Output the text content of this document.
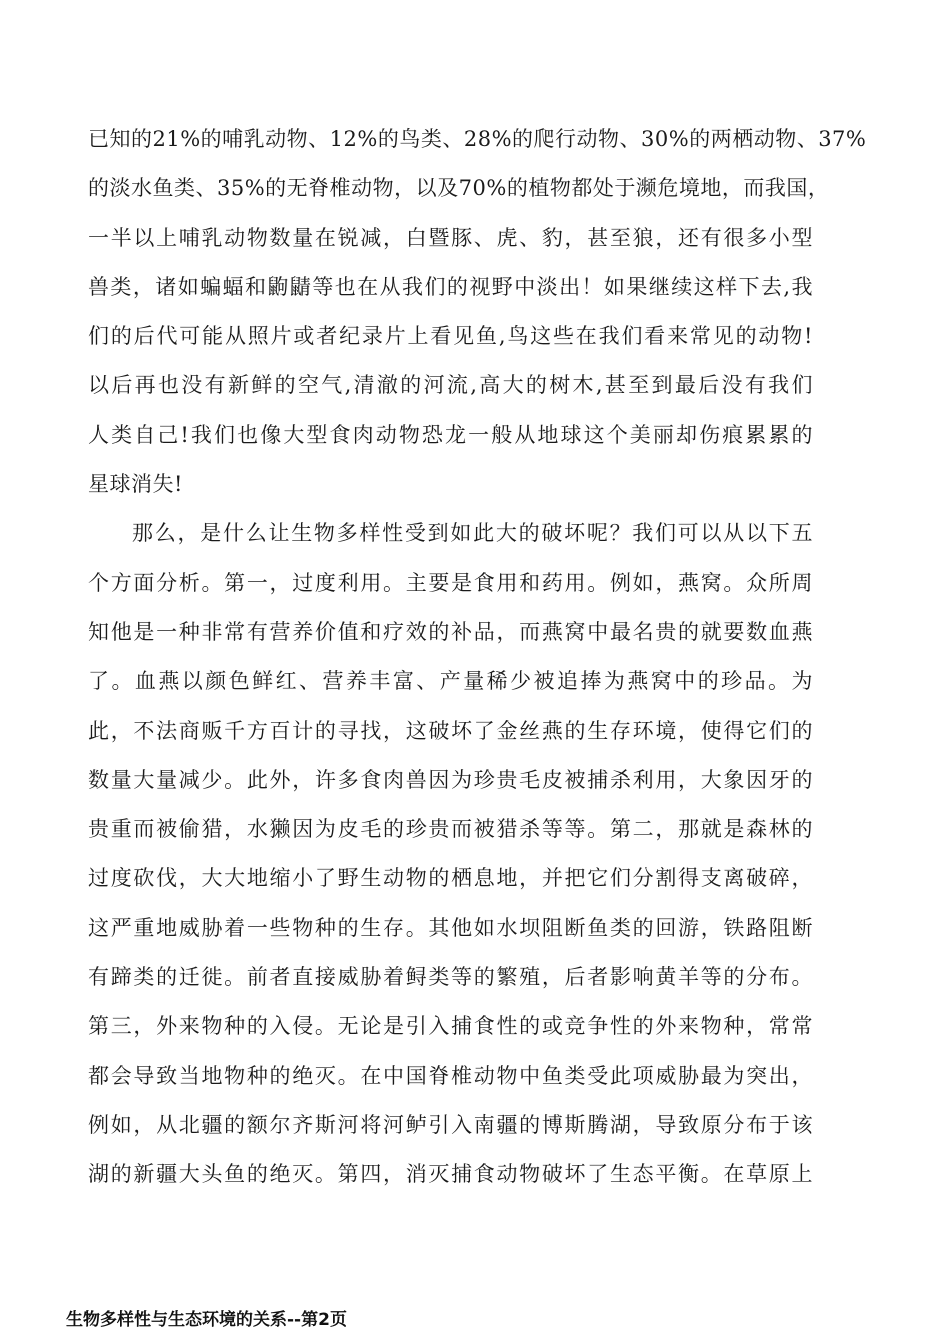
已知的21%的哺乳动物、12%的鸟类、28%的爬行动物、30%的两栖动物、37%
的淡水鱼类、35%的无脊椎动物，以及70%的植物都处于濒危境地，而我国，
一半以上哺乳动物数量在锐减，白暨豚、虎、豹，甚至狼，还有很多小型
兽类，诸如蝙蝠和鼩鼱等也在从我们的视野中淡出！如果继续这样下去,我
们的后代可能从照片或者纪录片上看见鱼,鸟这些在我们看来常见的动物!
以后再也没有新鲜的空气,清澈的河流,高大的树木,甚至到最后没有我们
人类自己!我们也像大型食肉动物恐龙一般从地球这个美丽却伤痕累累的
星球消失!
那么，是什么让生物多样性受到如此大的破坏呢？我们可以从以下五
个方面分析。第一，过度利用。主要是食用和药用。例如，燕窝。众所周
知他是一种非常有营养价值和疗效的补品，而燕窝中最名贵的就要数血燕
了。血燕以颜色鲜红、营养丰富、产量稀少被追捧为燕窝中的珍品。为
此，不法商贩千方百计的寻找，这破坏了金丝燕的生存环境，使得它们的
数量大量减少。此外，许多食肉兽因为珍贵毛皮被捕杀利用，大象因牙的
贵重而被偷猎，水獭因为皮毛的珍贵而被猎杀等等。第二，那就是森林的
过度砍伐，大大地缩小了野生动物的栖息地，并把它们分割得支离破碎，
这严重地威胁着一些物种的生存。其他如水坝阻断鱼类的回游，铁路阻断
有蹄类的迁徙。前者直接威胁着鲟类等的繁殖，后者影响黄羊等的分布。
第三，外来物种的入侵。无论是引入捕食性的或竞争性的外来物种，常常
都会导致当地物种的绝灭。在中国脊椎动物中鱼类受此项威胁最为突出，
例如，从北疆的额尔齐斯河将河鲈引入南疆的博斯腾湖，导致原分布于该
湖的新疆大头鱼的绝灭。第四，消灭捕食动物破坏了生态平衡。在草原上
生物多样性与生态环境的关系--第2页
